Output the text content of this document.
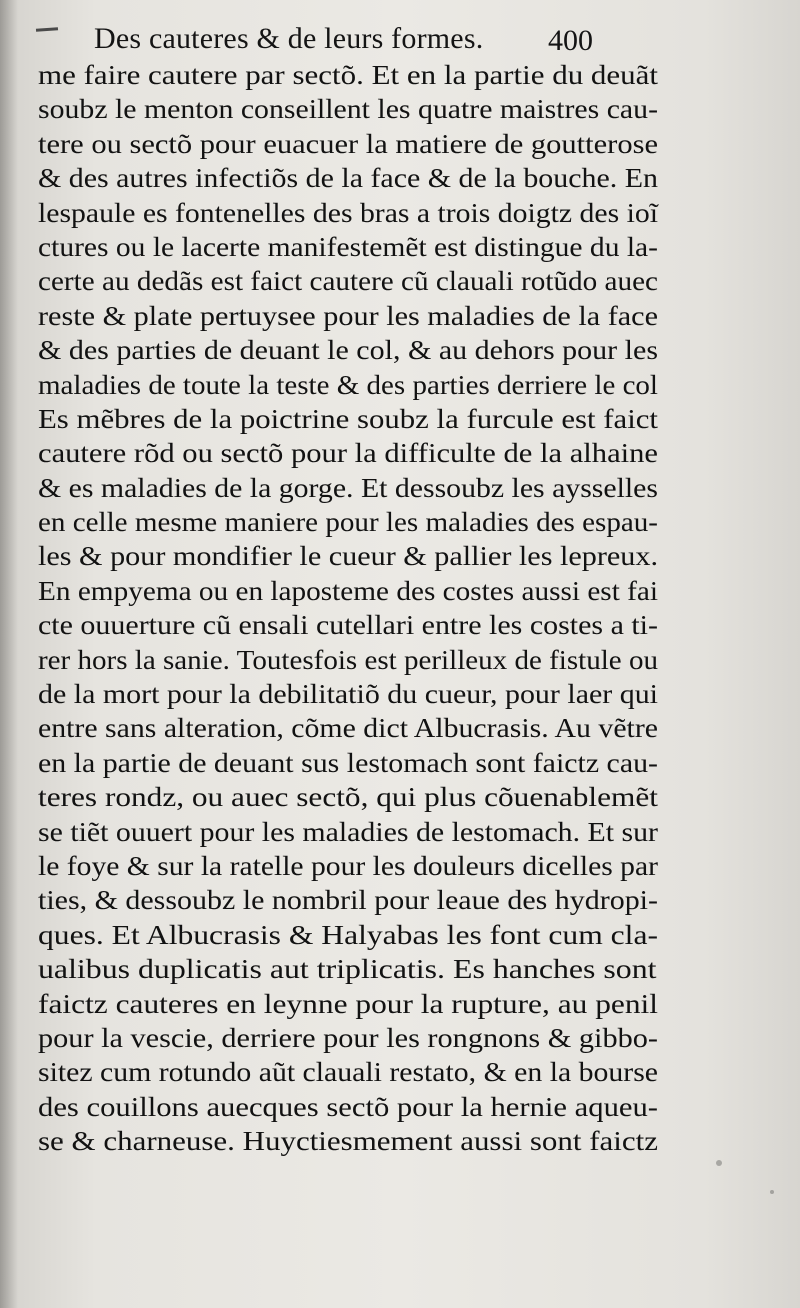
Des cauteres & de leurs formes. 400
me faire cautere par sectõ. Et en la partie du deuãt
soubz le menton conseillent les quatre maistres cau-
tere ou sectõ pour euacuer la matiere de goutterose
& des autres infectiõs de la face & de la bouche. En
lespaule es fontenelles des bras a trois doigtz des ioĩ
ctures ou le lacerte manifestemẽt est distingue du la-
certe au dedãs est faict cautere cũ clauali rotũdo auec
reste & plate pertuysee pour les maladies de la face
& des parties de deuant le col, & au dehors pour les
maladies de toute la teste & des parties derriere le col
Es mẽbres de la poictrine soubz la furcule est faict
cautere rõd ou sectõ pour la difficulte de la alhaine
& es maladies de la gorge. Et dessoubz les aysselles
en celle mesme maniere pour les maladies des espau-
les & pour mondifier le cueur & pallier les lepreux.
En empyema ou en laposteme des costes aussi est fai
cte ouuerture cũ ensali cutellari entre les costes a ti-
rer hors la sanie. Toutesfois est perilleux de fistule ou
de la mort pour la debilitatiõ du cueur, pour laer qui
entre sans alteration, cõme dict Albucrasis. Au vẽtre
en la partie de deuant sus lestomach sont faictz cau-
teres rondz, ou auec sectõ, qui plus cõuenablemẽt
se tiẽt ouuert pour les maladies de lestomach. Et sur
le foye & sur la ratelle pour les douleurs dicelles par
ties, & dessoubz le nombril pour leaue des hydropi-
ques. Et Albucrasis & Halyabas les font cum cla-
ualibus duplicatis aut triplicatis. Es hanches sont
faictz cauteres en leynne pour la rupture, au penil
pour la vescie, derriere pour les rongnons & gibbo-
sitez cum rotundo aũt clauali restato, & en la bourse
des couillons auecques sectõ pour la hernie aqueu-
se & charneuse. Huyctiesmement aussi sont faictz
